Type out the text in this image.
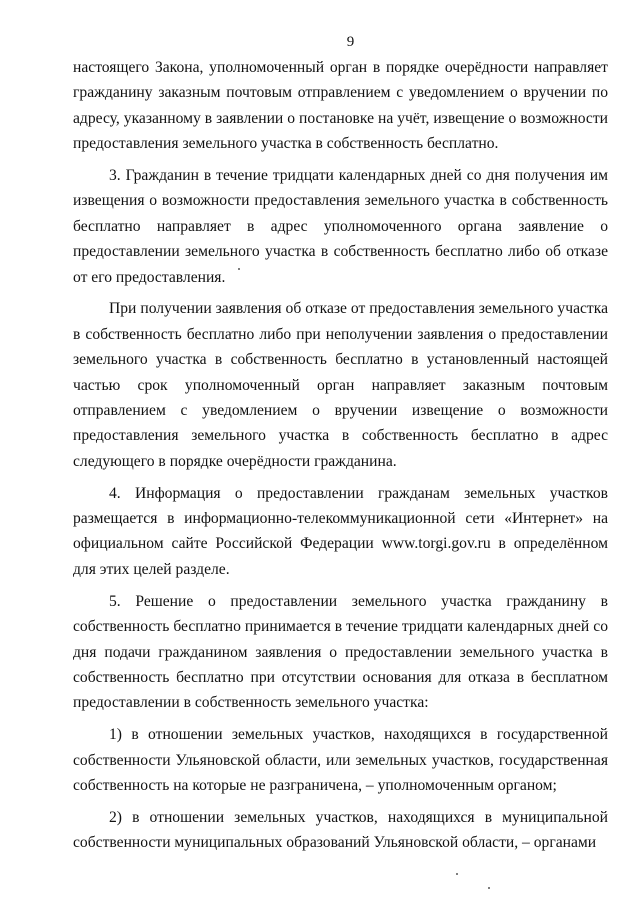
9

настоящего Закона, уполномоченный орган в порядке очерёдности направляет гражданину заказным почтовым отправлением с уведомлением о вручении по адресу, указанному в заявлении о постановке на учёт, извещение о возможности предоставления земельного участка в собственность бесплатно.

3. Гражданин в течение тридцати календарных дней со дня получения им извещения о возможности предоставления земельного участка в собственность бесплатно направляет в адрес уполномоченного органа заявление о предоставлении земельного участка в собственность бесплатно либо об отказе от его предоставления.

При получении заявления об отказе от предоставления земельного участка в собственность бесплатно либо при неполучении заявления о предоставлении земельного участка в собственность бесплатно в установленный настоящей частью срок уполномоченный орган направляет заказным почтовым отправлением с уведомлением о вручении извещение о возможности предоставления земельного участка в собственность бесплатно в адрес следующего в порядке очерёдности гражданина.

4. Информация о предоставлении гражданам земельных участков размещается в информационно-телекоммуникационной сети «Интернет» на официальном сайте Российской Федерации www.torgi.gov.ru в определённом для этих целей разделе.

5. Решение о предоставлении земельного участка гражданину в собственность бесплатно принимается в течение тридцати календарных дней со дня подачи гражданином заявления о предоставлении земельного участка в собственность бесплатно при отсутствии основания для отказа в бесплатном предоставлении в собственность земельного участка:

1) в отношении земельных участков, находящихся в государственной собственности Ульяновской области, или земельных участков, государственная собственность на которые не разграничена, – уполномоченным органом;

2) в отношении земельных участков, находящихся в муниципальной собственности муниципальных образований Ульяновской области, – органами
